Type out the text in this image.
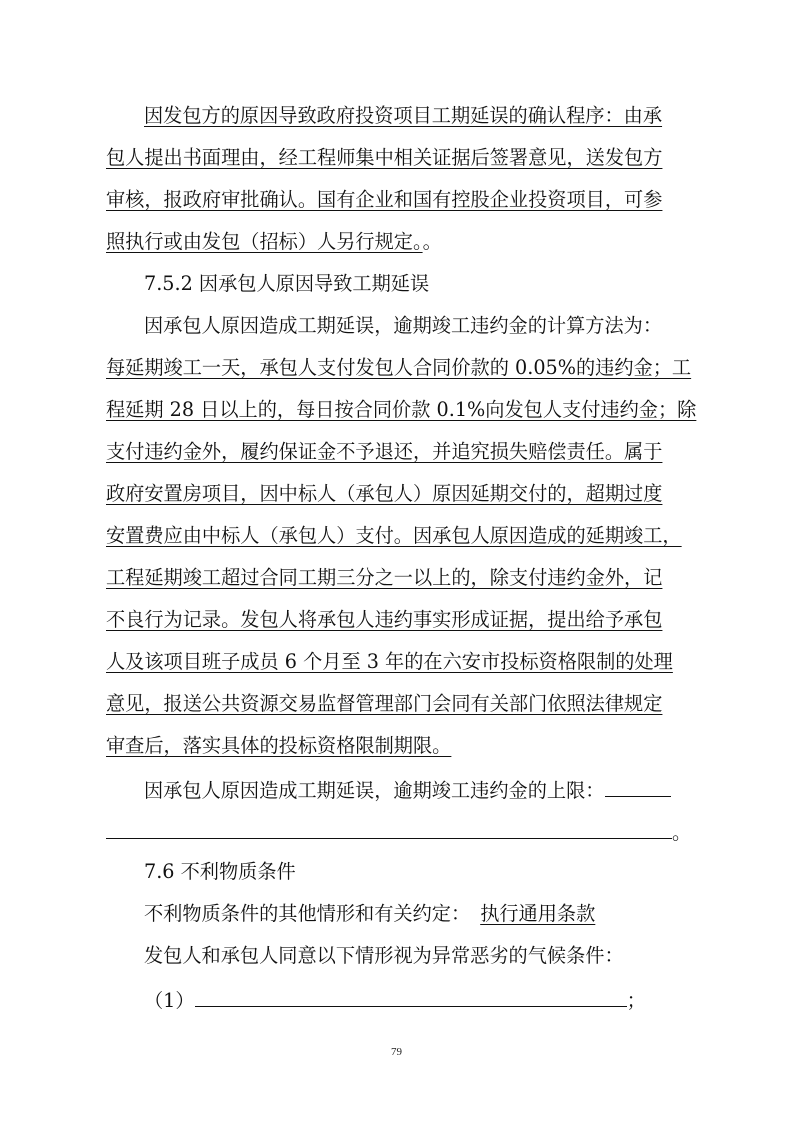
因发包方的原因导致政府投资项目工期延误的确认程序：由承
包人提出书面理由，经工程师集中相关证据后签署意见，送发包方
审核，报政府审批确认。国有企业和国有控股企业投资项目，可参
照执行或由发包（招标）人另行规定。。
7.5.2 因承包人原因导致工期延误
因承包人原因造成工期延误，逾期竣工违约金的计算方法为：
每延期竣工一天，承包人支付发包人合同价款的 0.05%的违约金；工
程延期 28 日以上的，每日按合同价款 0.1%向发包人支付违约金；除
支付违约金外，履约保证金不予退还，并追究损失赔偿责任。属于
政府安置房项目，因中标人（承包人）原因延期交付的，超期过度
安置费应由中标人（承包人）支付。因承包人原因造成的延期竣工，
工程延期竣工超过合同工期三分之一以上的，除支付违约金外，记
不良行为记录。发包人将承包人违约事实形成证据，提出给予承包
人及该项目班子成员 6 个月至 3 年的在六安市投标资格限制的处理
意见，报送公共资源交易监督管理部门会同有关部门依照法律规定
审查后，落实具体的投标资格限制期限。
因承包人原因造成工期延误，逾期竣工违约金的上限：
。
7.6 不利物质条件
不利物质条件的其他情形和有关约定： 执行通用条款
发包人和承包人同意以下情形视为异常恶劣的气候条件：
（1）	；
79
